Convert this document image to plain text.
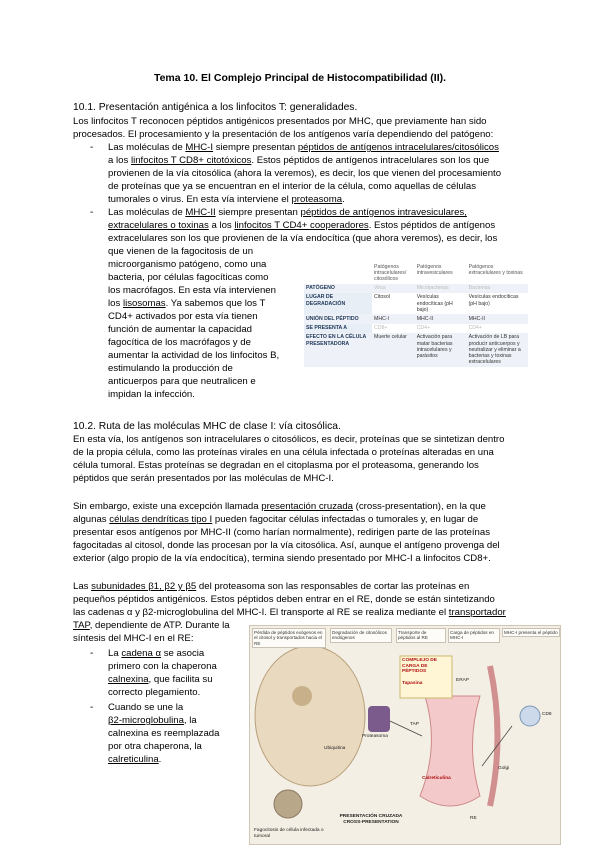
Tema 10. El Complejo Principal de Histocompatibilidad (II).
10.1. Presentación antigénica a los linfocitos T: generalidades.
Los linfocitos T reconocen péptidos antigénicos presentados por MHC, que previamente han sido
procesados. El procesamiento y la presentación de los antígenos varía dependiendo del patógeno:
- Las moléculas de MHC-I siempre presentan péptidos de antígenos intracelulares/citosólicos
a los linfocitos T CD8+ citotóxicos. Estos péptidos de antígenos intracelulares son los que
provienen de la vía citosólica (ahora la veremos), es decir, los que vienen del procesamiento
de proteínas que ya se encuentran en el interior de la célula, como aquellas de células
tumorales o virus. En esta vía interviene el proteasoma.
- Las moléculas de MHC-II siempre presentan péptidos de antígenos intravesiculares,
extracelulares o toxinas a los linfocitos T CD4+ cooperadores. Estos péptidos de antígenos
extracelulares son los que provienen de la vía endocítica (que ahora veremos), es decir, los
que vienen de la fagocitosis de un
microorganismo patógeno, como una
bacteria, por células fagocíticas como
los macrófagos. En esta vía intervienen
los lisosomas. Ya sabemos que los T
CD4+ activados por esta vía tienen
función de aumentar la capacidad
fagocítica de los macrófagos y de
aumentar la actividad de los linfocitos B,
estimulando la producción de
anticuerpos para que neutralicen e
impidan la infección.
	Patógenos intracelulares/ citosólicos	Patógenos intravesiculares	Patógenos extracelulares y toxinas
PATÓGENO	Virus	Micobacterias	Bacterias
LUGAR DE DEGRADACIÓN	Citosol	Vesículas endocíticas (pH bajo)	Vesículas endocíticas (pH bajo)
UNIÓN DEL PÉPTIDO	MHC-I	MHC-II	MHC-II
SE PRESENTA A	CD8+	CD4+	CD4+
EFECTO EN LA CÉLULA PRESENTADORA	Muerte celular	Activación para matar bacterias intracelulares y parásitos	Activación de LB para producir anticuerpos y neutralizar y eliminar a bacterias y toxinas extracelulares
10.2. Ruta de las moléculas MHC de clase I: vía citosólica.
En esta vía, los antígenos son intracelulares o citosólicos, es decir, proteínas que se sintetizan dentro
de la propia célula, como las proteínas virales en una célula infectada o proteínas alteradas en una
célula tumoral. Estas proteínas se degradan en el citoplasma por el proteasoma, generando los
péptidos que serán presentados por las moléculas de MHC-I.
Sin embargo, existe una excepción llamada presentación cruzada (cross-presentation), en la que
algunas células dendríticas tipo I pueden fagocitar células infectadas o tumorales y, en lugar de
presentar esos antígenos por MHC-II (como harían normalmente), redirigen parte de las proteínas
fagocitadas al citosol, donde las procesan por la vía citosólica. Así, aunque el antígeno provenga del
exterior (algo propio de la vía endocítica), termina siendo presentado por MHC-I a linfocitos CD8+.
Las subunidades β1, β2 y β5 del proteasoma son las responsables de cortar las proteínas en
pequeños péptidos antigénicos. Estos péptidos deben entrar en el RE, donde se están sintetizando
las cadenas α y β2-microglobulina del MHC-I. El transporte al RE se realiza mediante el transportador
TAP, dependiente de ATP. Durante la
síntesis del MHC-I en el RE:
- La cadena α se asocia
primero con la chaperona
calnexina, que facilita su
correcto plegamiento.
- Cuando se une la
β2-microglobulina, la
calnexina es reemplazada
por otra chaperona, la
calreticulina.
Pérdida de péptidos exógenos en el citosol y transportados hacia el RE
Degradación de citosólicos endógenos
Transporte de péptidos al RE
Carga de péptidos en MHC-I
MHC-I presenta el péptido
COMPLEJO DE CARGA DE PÉPTIDOS
ERAP
Tapasina
Calreticulina
Proteasoma
Ubiquitina
TAP
RE
Golgi
CD8
PRESENTACIÓN CRUZADA CROSS-PRESENTATION
Fagocitosis de célula infectada o tumoral
